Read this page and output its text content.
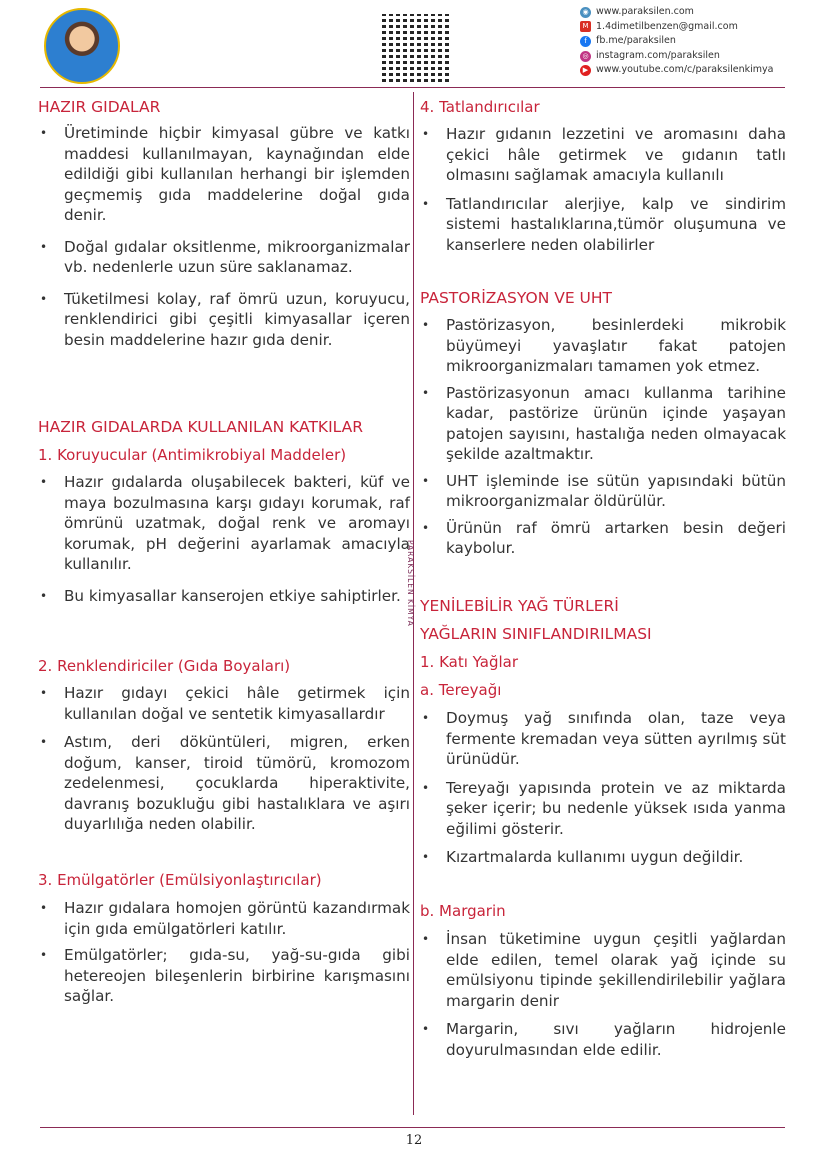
◉ www.paraksilen.com
M 1.4dimetilbenzen@gmail.com
f fb.me/paraksilen
◎ instagram.com/paraksilen
▶ www.youtube.com/c/paraksilenkimya
PARAKSİLEN KİMYA
HAZIR GIDALAR
• Üretiminde hiçbir kimyasal gübre ve katkı maddesi kullanılmayan, kaynağından elde edildiği gibi kullanılan herhangi bir işlemden geçmemiş gıda maddelerine doğal gıda denir.
• Doğal gıdalar oksitlenme, mikroorganizmalar vb. nedenlerle uzun süre saklanamaz.
• Tüketilmesi kolay, raf ömrü uzun, koruyucu, renklendirici gibi çeşitli kimyasallar içeren besin maddelerine hazır gıda denir.
HAZIR GIDALARDA KULLANILAN KATKILAR
1. Koruyucular (Antimikrobiyal Maddeler)
• Hazır gıdalarda oluşabilecek bakteri, küf ve maya bozulmasına karşı gıdayı korumak, raf ömrünü uzatmak, doğal renk ve aromayı korumak, pH değerini ayarlamak amacıyla kullanılır.
• Bu kimyasallar kanserojen etkiye sahiptirler.
2. Renklendiriciler (Gıda Boyaları)
• Hazır gıdayı çekici hâle getirmek için kullanılan doğal ve sentetik kimyasallardır
• Astım, deri döküntüleri, migren, erken doğum, kanser, tiroid tümörü, kromozom zedelenmesi, çocuklarda hiperaktivite, davranış bozukluğu gibi hastalıklara ve aşırı duyarlılığa neden olabilir.
3. Emülgatörler (Emülsiyonlaştırıcılar)
• Hazır gıdalara homojen görüntü kazandırmak için gıda emülgatörleri katılır.
• Emülgatörler; gıda-su, yağ-su-gıda gibi hetereojen bileşenlerin birbirine karışmasını sağlar.
4. Tatlandırıcılar
• Hazır gıdanın lezzetini ve aromasını daha çekici hâle getirmek ve gıdanın tatlı olmasını sağlamak amacıyla kullanılı
• Tatlandırıcılar alerjiye, kalp ve sindirim sistemi hastalıklarına,tümör oluşumuna ve kanserlere neden olabilirler
PASTORİZASYON VE UHT
• Pastörizasyon, besinlerdeki mikrobik büyümeyi yavaşlatır fakat patojen mikroorganizmaları tamamen yok etmez.
• Pastörizasyonun amacı kullanma tarihine kadar, pastörize ürünün içinde yaşayan patojen sayısını, hastalığa neden olmayacak şekilde azaltmaktır.
• UHT işleminde ise sütün yapısındaki bütün mikroorganizmalar öldürülür.
• Ürünün raf ömrü artarken besin değeri kaybolur.
YENİLEBİLİR YAĞ TÜRLERİ
YAĞLARIN SINIFLANDIRILMASI
1. Katı Yağlar
a. Tereyağı
• Doymuş yağ sınıfında olan, taze veya fermente kremadan veya sütten ayrılmış süt ürünüdür.
• Tereyağı yapısında protein ve az miktarda şeker içerir; bu nedenle yüksek ısıda yanma eğilimi gösterir.
• Kızartmalarda kullanımı uygun değildir.
b. Margarin
• İnsan tüketimine uygun çeşitli yağlardan elde edilen, temel olarak yağ içinde su emülsiyonu tipinde şekillendirilebilir yağlara margarin denir
• Margarin, sıvı yağların hidrojenle doyurulmasından elde edilir.
12
